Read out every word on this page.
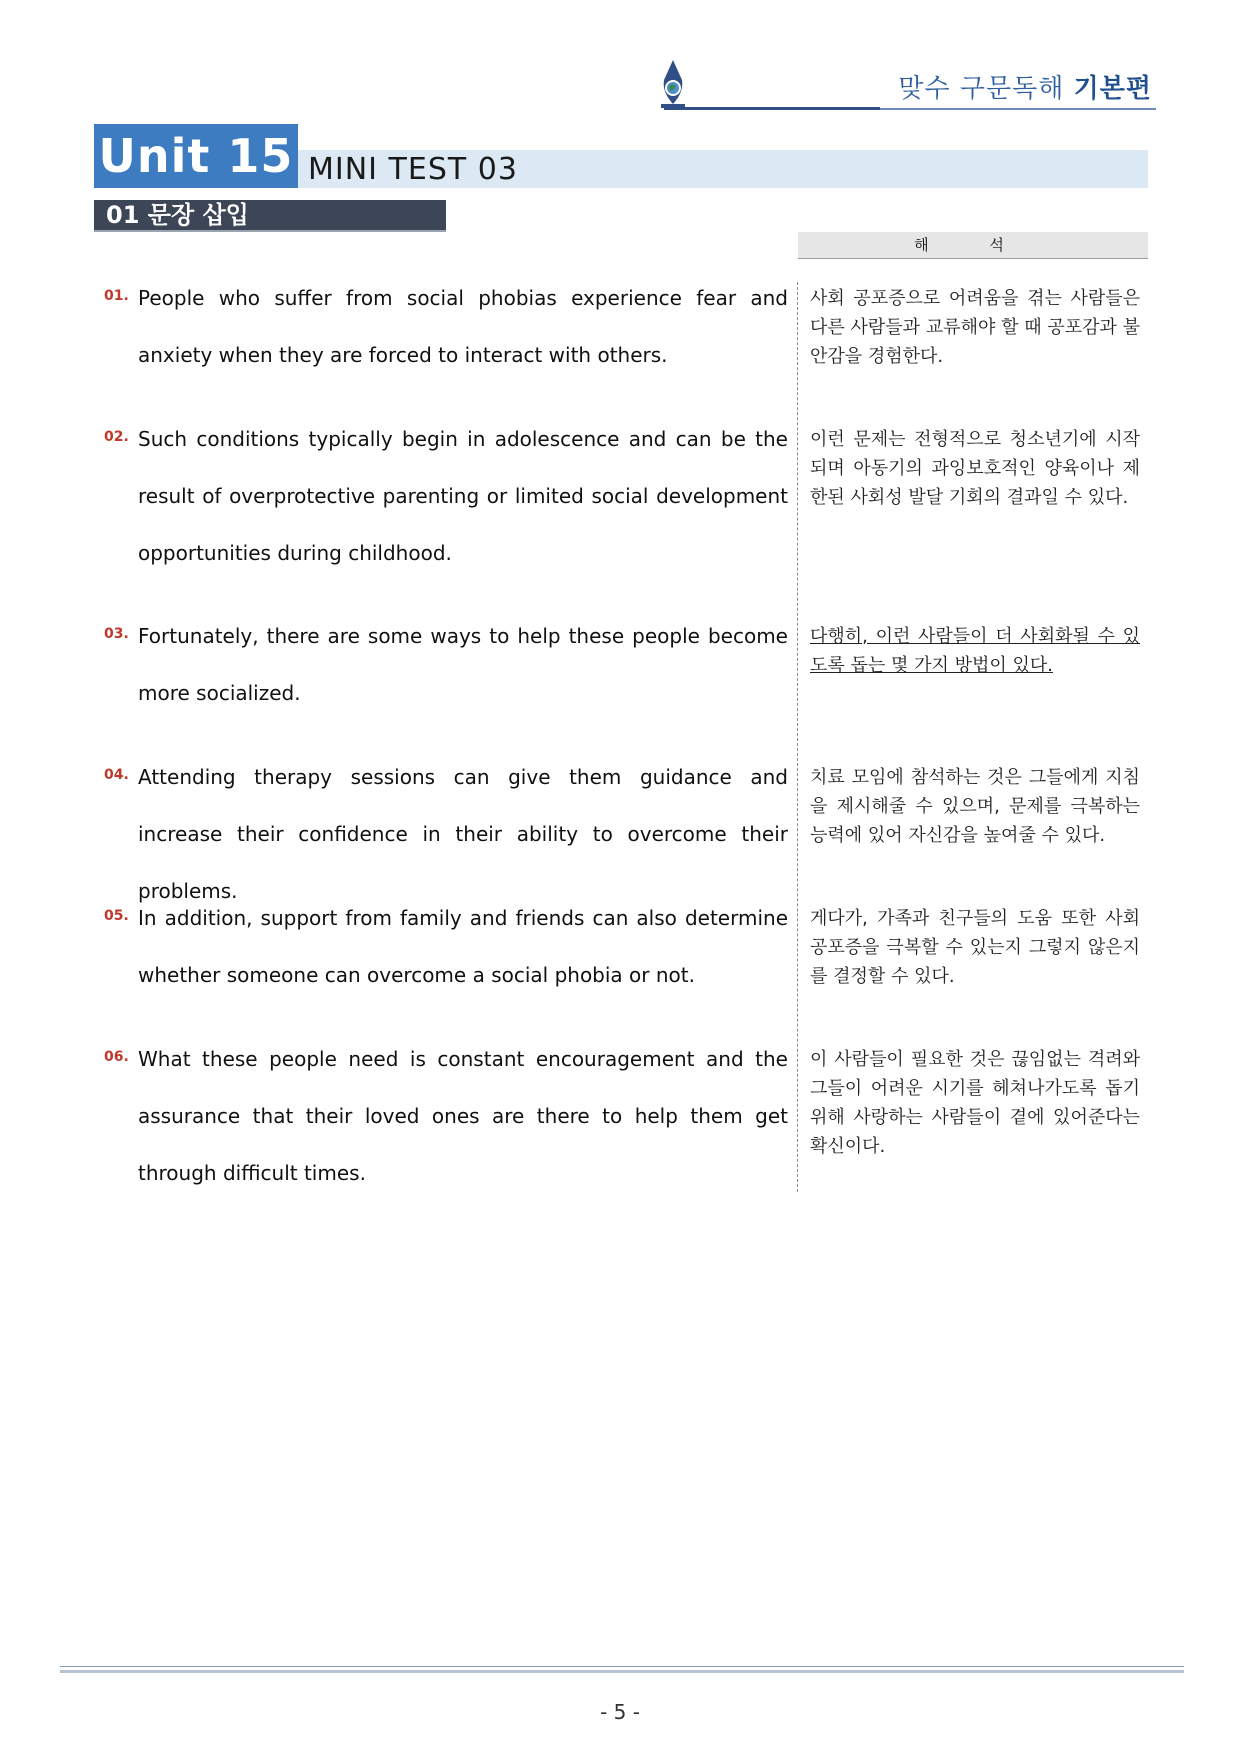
맞수 구문독해 기본편
Unit 15 MINI TEST 03
01 문장 삽입
해 석
01. People who suffer from social phobias experience fear and anxiety when they are forced to interact with others.
사회 공포증으로 어려움을 겪는 사람들은 다른 사람들과 교류해야 할 때 공포감과 불안감을 경험한다.
02. Such conditions typically begin in adolescence and can be the result of overprotective parenting or limited social development opportunities during childhood.
이런 문제는 전형적으로 청소년기에 시작되며 아동기의 과잉보호적인 양육이나 제한된 사회성 발달 기회의 결과일 수 있다.
03. Fortunately, there are some ways to help these people become more socialized.
다행히, 이런 사람들이 더 사회화될 수 있도록 돕는 몇 가지 방법이 있다.
04. Attending therapy sessions can give them guidance and increase their confidence in their ability to overcome their problems.
치료 모임에 참석하는 것은 그들에게 지침을 제시해줄 수 있으며, 문제를 극복하는 능력에 있어 자신감을 높여줄 수 있다.
05. In addition, support from family and friends can also determine whether someone can overcome a social phobia or not.
게다가, 가족과 친구들의 도움 또한 사회 공포증을 극복할 수 있는지 그렇지 않은지를 결정할 수 있다.
06. What these people need is constant encouragement and the assurance that their loved ones are there to help them get through difficult times.
이 사람들이 필요한 것은 끊임없는 격려와 그들이 어려운 시기를 헤쳐나가도록 돕기 위해 사랑하는 사람들이 곁에 있어준다는 확신이다.
- 5 -
